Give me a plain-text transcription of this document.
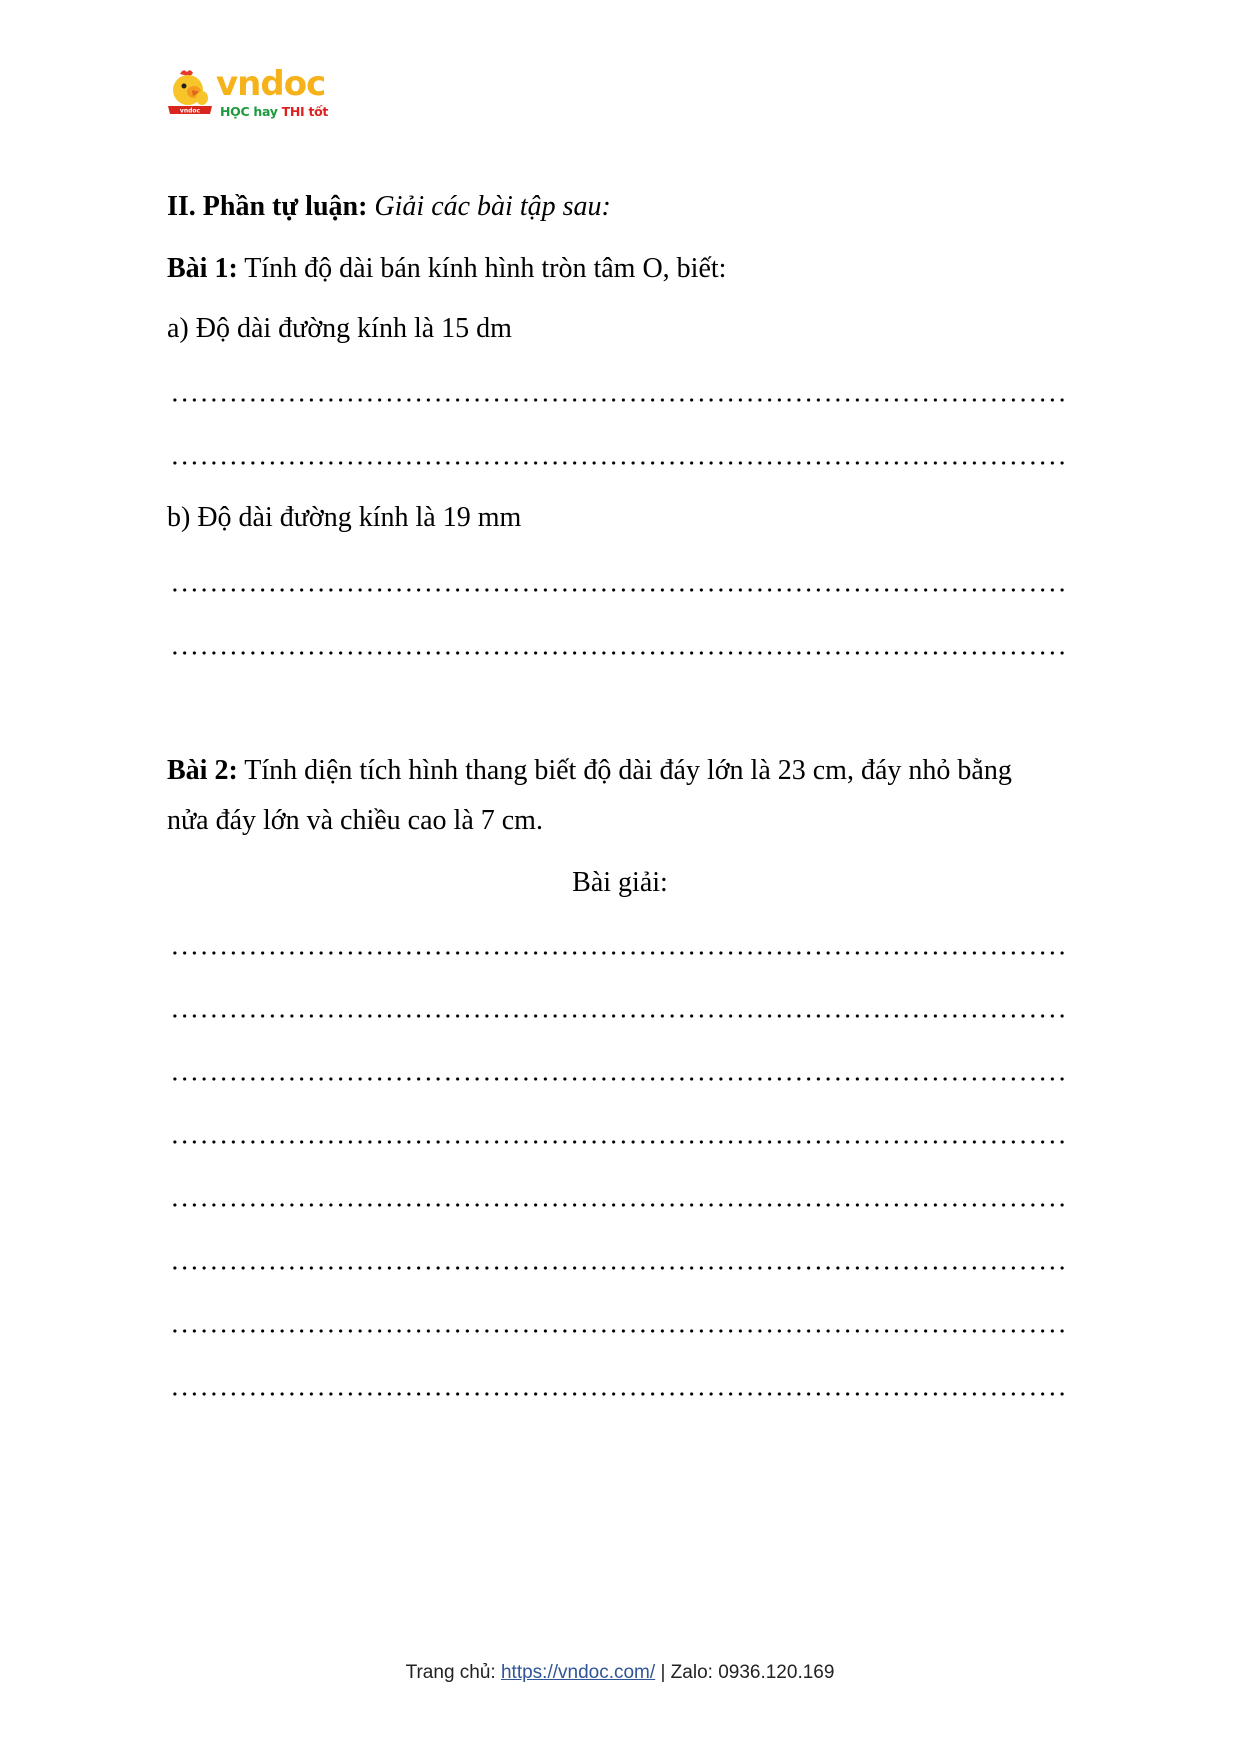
vndoc
vndoc
HỌC hay THI tốt
II. Phần tự luận: Giải các bài tập sau:
Bài 1: Tính độ dài bán kính hình tròn tâm O, biết:
a) Độ dài đường kính là 15 dm
b) Độ dài đường kính là 19 mm
Bài 2: Tính diện tích hình thang biết độ dài đáy lớn là 23 cm, đáy nhỏ bằng
nửa đáy lớn và chiều cao là 7 cm.
Bài giải:
Trang chủ: https://vndoc.com/ | Zalo: 0936.120.169
